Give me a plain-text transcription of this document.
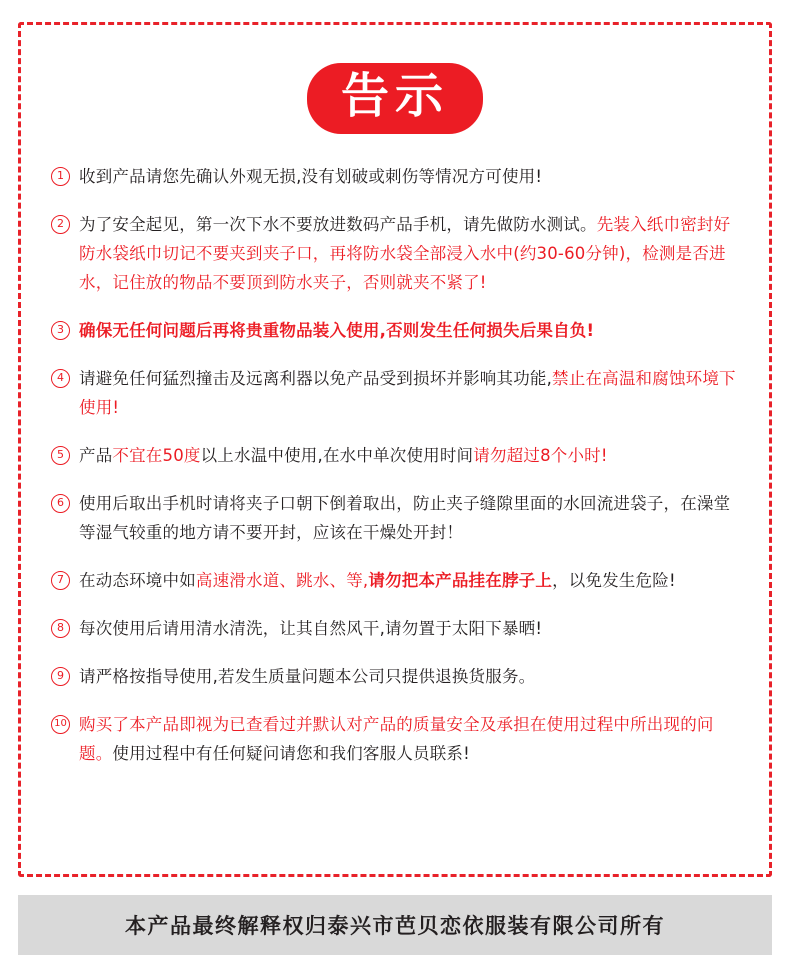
告示
1 收到产品请您先确认外观无损,没有划破或刺伤等情况方可使用!
2 为了安全起见，第一次下水不要放进数码产品手机，请先做防水测试。先装入纸巾密封好防水袋纸巾切记不要夹到夹子口，再将防水袋全部浸入水中(约30-60分钟)，检测是否进水，记住放的物品不要顶到防水夹子，否则就夹不紧了!
3 确保无任何问题后再将贵重物品装入使用,否则发生任何损失后果自负!
4 请避免任何猛烈撞击及远离利器以免产品受到损坏并影响其功能,禁止在高温和腐蚀环境下使用!
5 产品不宜在50度以上水温中使用,在水中单次使用时间请勿超过8个小时!
6 使用后取出手机时请将夹子口朝下倒着取出，防止夹子缝隙里面的水回流进袋子，在澡堂等湿气较重的地方请不要开封，应该在干燥处开封！
7 在动态环境中如高速滑水道、跳水、等,请勿把本产品挂在脖子上，以免发生危险!
8 每次使用后请用清水清洗，让其自然风干,请勿置于太阳下暴晒!
9 请严格按指导使用,若发生质量问题本公司只提供退换货服务。
10 购买了本产品即视为已查看过并默认对产品的质量安全及承担在使用过程中所出现的问题。使用过程中有任何疑问请您和我们客服人员联系!
本产品最终解释权归泰兴市芭贝恋依服装有限公司所有
